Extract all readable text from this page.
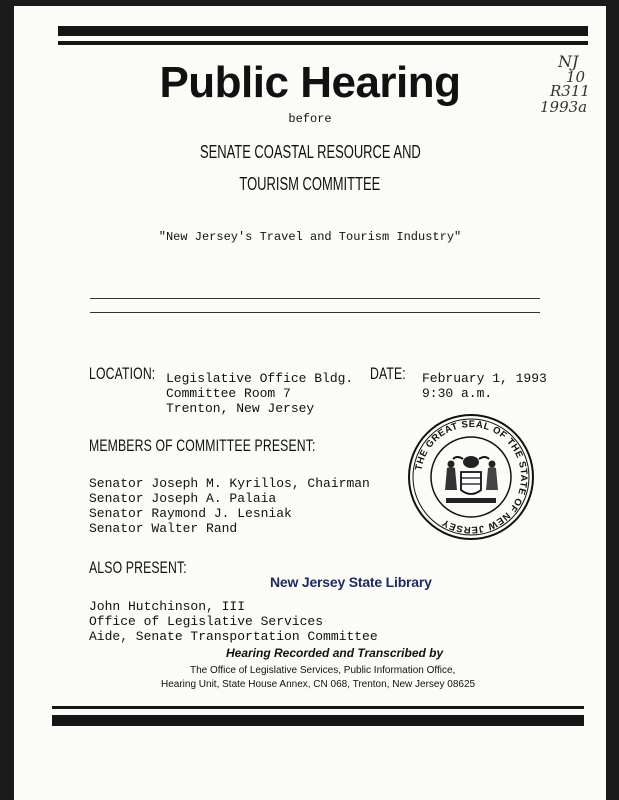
NJ
10
R311
1993a
Public Hearing
before
SENATE COASTAL RESOURCE AND
TOURISM COMMITTEE
"New Jersey's Travel and Tourism Industry"
LOCATION: Legislative Office Bldg.
Committee Room 7
Trenton, New Jersey
DATE: February 1, 1993
9:30 a.m.
MEMBERS OF COMMITTEE PRESENT:
Senator Joseph M. Kyrillos, Chairman
Senator Joseph A. Palaia
Senator Raymond J. Lesniak
Senator Walter Rand
THE GREAT SEAL OF THE STATE OF NEW JERSEY
ALSO PRESENT:
New Jersey State Library
John Hutchinson, III
Office of Legislative Services
Aide, Senate Transportation Committee
Hearing Recorded and Transcribed by
The Office of Legislative Services, Public Information Office,
Hearing Unit, State House Annex, CN 068, Trenton, New Jersey 08625
